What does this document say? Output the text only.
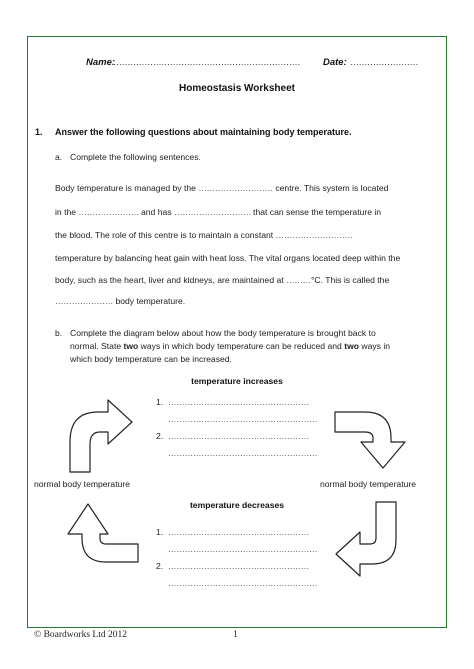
Name:
………………………………………………………… Date: ……………………
Homeostasis Worksheet
1. Answer the following questions about maintaining body temperature.
a. Complete the following sentences.
Body temperature is managed by the ……………………… centre. This system is located
in the …………………. and has ………………………. that can sense the temperature in
the blood. The role of this centre is to maintain a constant ……………………….
temperature by balancing heat gain with heat loss. The vital organs located deep within the
body, such as the heart, liver and kidneys, are maintained at ………°C. This is called the
………………… body temperature.
b. Complete the diagram below about how the body temperature is brought back to
normal. State two ways in which body temperature can be reduced and two ways in
which body temperature can be increased.
temperature increases
temperature decreases
1. ……………………………………………
………………………………………………
2. ……………………………………………
………………………………………………
normal body temperature	normal body temperature
1. ……………………………………………
………………………………………………
2. ……………………………………………
………………………………………………
© Boardworks Ltd 2012	1
